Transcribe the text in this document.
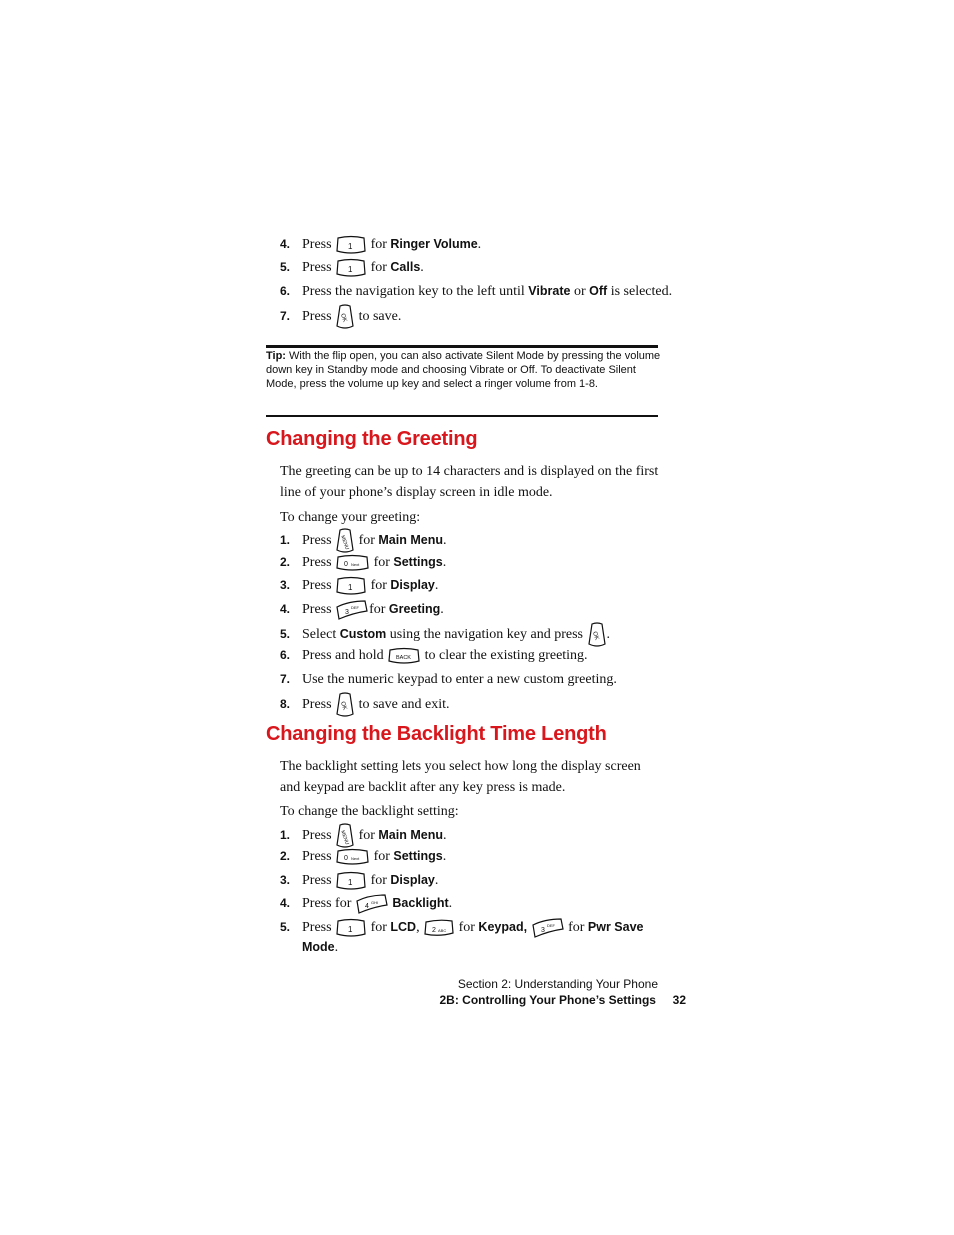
4. Press 1 for Ringer Volume.
5. Press 1 for Calls.
6. Press the navigation key to the left until Vibrate or Off is selected.
7. Press OK to save.
Tip: With the flip open, you can also activate Silent Mode by pressing the volume down key in Standby mode and choosing Vibrate or Off. To deactivate Silent Mode, press the volume up key and select a ringer volume from 1-8.
Changing the Greeting
The greeting can be up to 14 characters and is displayed on the first line of your phone’s display screen in idle mode.
To change your greeting:
1. Press MENU for Main Menu.
2. Press 0 Next for Settings.
3. Press 1 for Display.
4. Press 3
DEF for Greeting.
5. Select Custom using the navigation key and press OK .
6. Press and hold BACK to clear the existing greeting.
7. Use the numeric keypad to enter a new custom greeting.
8. Press OK to save and exit.
Changing the Backlight Time Length
The backlight setting lets you select how long the display screen and keypad are backlit after any key press is made.
To change the backlight setting:
1. Press MENU for Main Menu.
2. Press 0 Next for Settings.
3. Press 1 for Display.
4. Press for 4
GHI Backlight.
5. Press 1 for LCD, 2 ABC for Keypad, 3
DEF for Pwr Save
Mode.
Section 2: Understanding Your Phone
2B: Controlling Your Phone’s Settings 32
